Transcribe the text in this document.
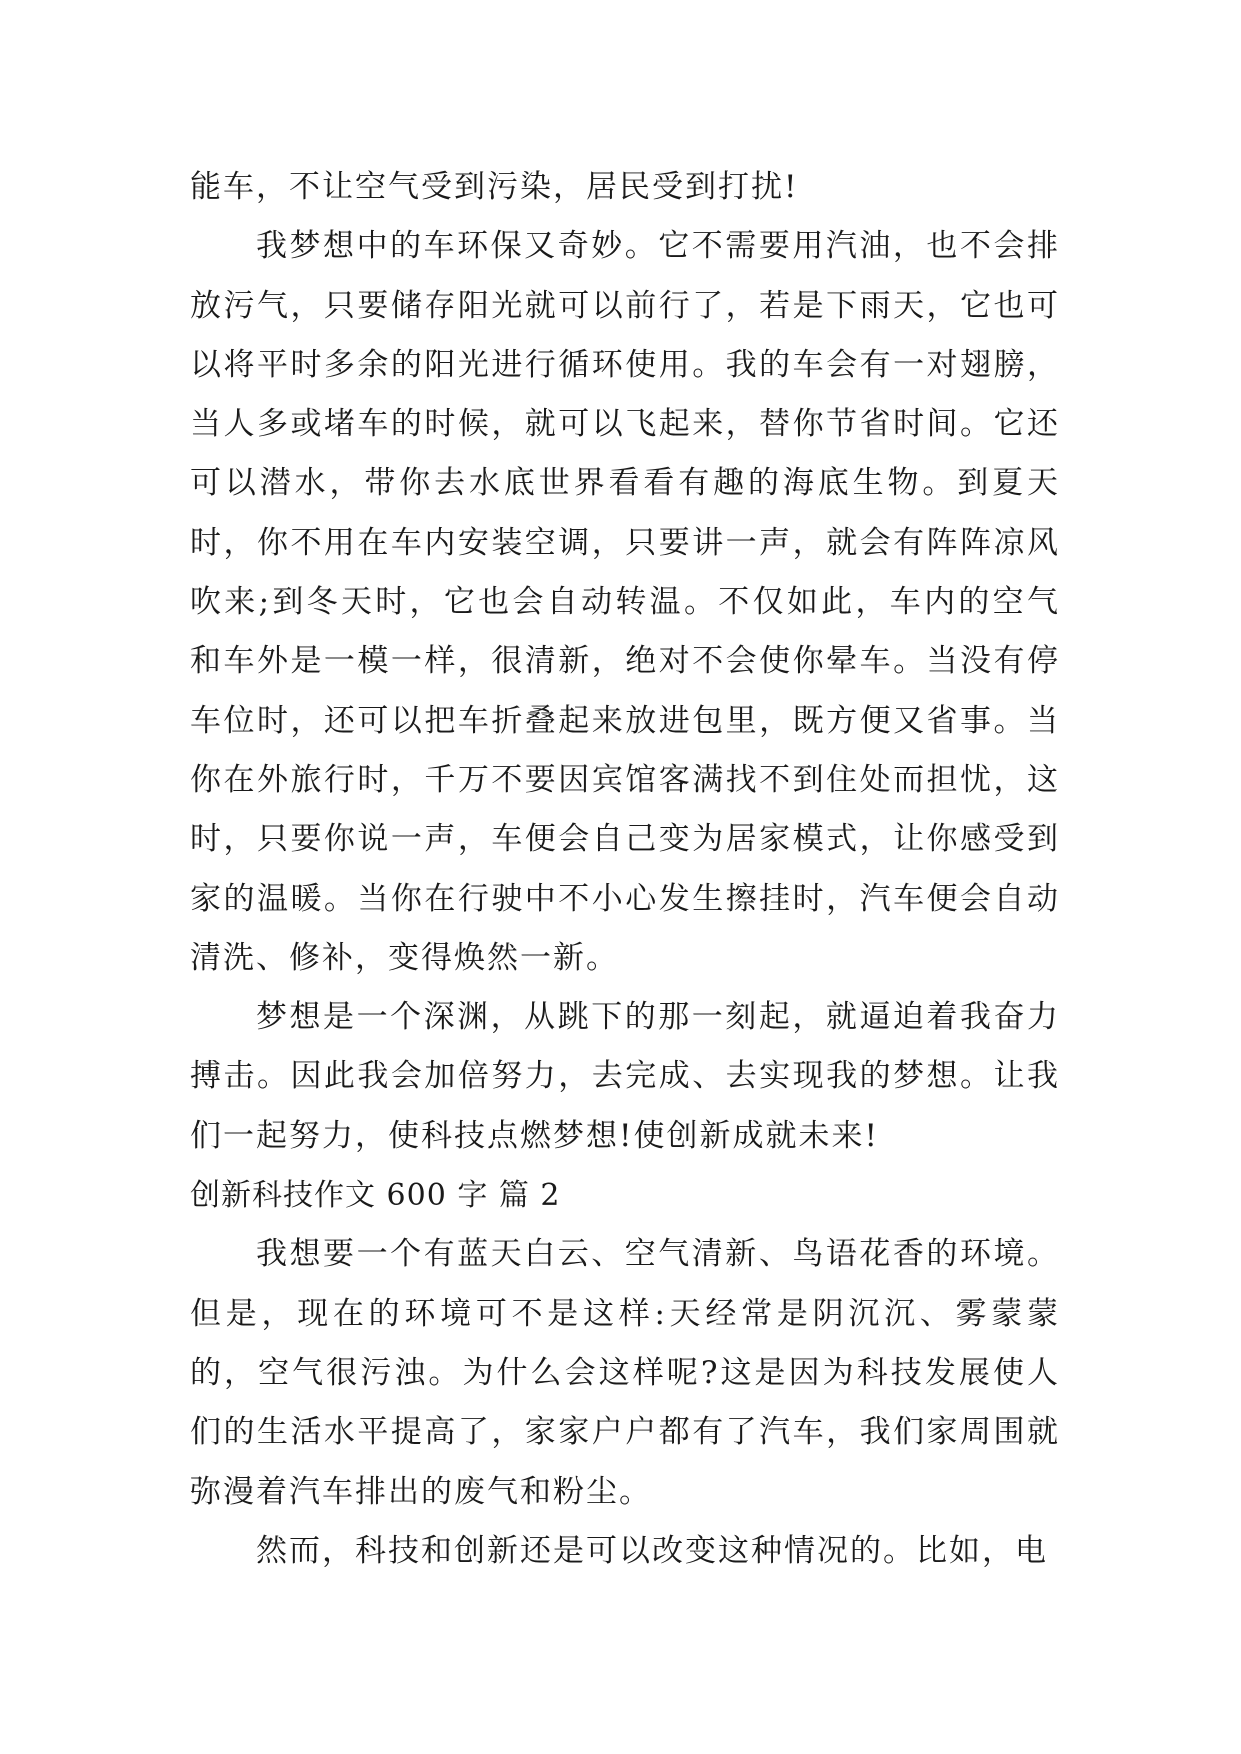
能车，不让空气受到污染，居民受到打扰!

我梦想中的车环保又奇妙。它不需要用汽油，也不会排放污气，只要储存阳光就可以前行了，若是下雨天，它也可以将平时多余的阳光进行循环使用。我的车会有一对翅膀，当人多或堵车的时候，就可以飞起来，替你节省时间。它还可以潜水，带你去水底世界看看有趣的海底生物。到夏天时，你不用在车内安装空调，只要讲一声，就会有阵阵凉风吹来;到冬天时，它也会自动转温。不仅如此，车内的空气和车外是一模一样，很清新，绝对不会使你晕车。当没有停车位时，还可以把车折叠起来放进包里，既方便又省事。当你在外旅行时，千万不要因宾馆客满找不到住处而担忧，这时，只要你说一声，车便会自己变为居家模式，让你感受到家的温暖。当你在行驶中不小心发生擦挂时，汽车便会自动清洗、修补，变得焕然一新。

梦想是一个深渊，从跳下的那一刻起，就逼迫着我奋力搏击。因此我会加倍努力，去完成、去实现我的梦想。让我们一起努力，使科技点燃梦想!使创新成就未来!

创新科技作文 600 字 篇 2

我想要一个有蓝天白云、空气清新、鸟语花香的环境。但是，现在的环境可不是这样:天经常是阴沉沉、雾蒙蒙的，空气很污浊。为什么会这样呢?这是因为科技发展使人们的生活水平提高了，家家户户都有了汽车，我们家周围就弥漫着汽车排出的废气和粉尘。

然而，科技和创新还是可以改变这种情况的。比如，电
